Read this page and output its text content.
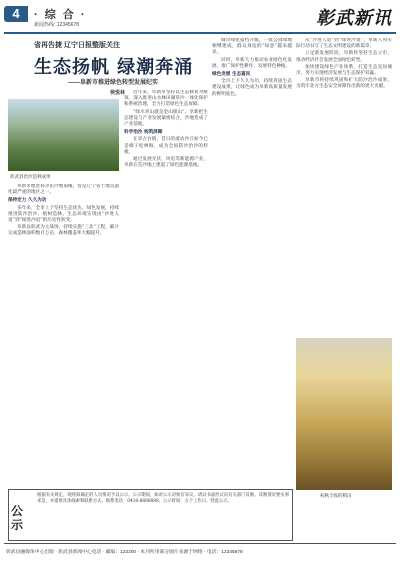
4	· 综 合 ·
新闻热线: 12345678	彰武新讯
省再告捷 辽宁日报整版关注
生态扬帆 绿潮奔涌
——阜新市推进绿色转型发展纪实
侯悦林
彰武县治沙造林成果

阜新市地处科尔沁沙地南缘，曾是辽宁省土地荒漠化最严重的地区之一。

保持定力 久久为功

多年来，全市上下坚持生态优先、绿色发展，持续推进防沙治沙、植树造林，生态环境实现由“沙进人退”到“绿进沙退”的历史性转变。

阜新以彰武为主战场，持续实施“三北”工程，累计完成造林面积数百万亩，森林覆盖率大幅提升。

近年来，阜新市坚持以生态修复为统领，深入推进山水林田湖草沙一体化保护和系统治理，全力打造绿色生态屏障。

“绿水青山就是金山银山”。阜新把生态建设与产业发展紧密结合，沙地变成了产业基地。

科学治沙 构筑屏障

在章古台镇，昔日的流动沙丘如今已是樟子松林海，成为全国防沙治沙的样板。

通过发展光伏、风电等新能源产业，阜新在荒沙地上建起了绿色能源基地。

城市绿化提档升级，一批公园绿地相继建成，群众身边的“绿意”越来越多。

同时，阜新大力推动农业绿色化发展，推广保护性耕作，发展特色种植。

绿色发展 生态富民

全市上下久久为功，持续巩固生态建设成果，让绿色成为阜新高质量发展的鲜明底色。

从“沙进人退”到“绿进沙退”，阜新人用实际行动书写了生态文明建设的新篇章。

立足新发展阶段，阜新将坚持生态立市，推动经济社会发展全面绿色转型。

加快建设绿色产业体系，打造生态宜居城市，努力实现经济发展与生态保护双赢。

阜新市将持续巩固和扩大防沙治沙成果，为筑牢北方生态安全屏障作出新的更大贡献。

初秋丰收的稻田
公 示
根据有关规定，现将拟确定的人员情况予以公示。公示期间，如对公示对象有异议，请以书面形式向有关部门反映。反映情况要实事求是，并提供具体线索和联系方式。联系电话：0418-8888888。公示时间：五个工作日。特此公示。
彰武县融媒体中心出版 · 彰武县新闻中心电话 · 邮编：123200 · 本刊所用部分图片来源于网络 · 电话：12345678
